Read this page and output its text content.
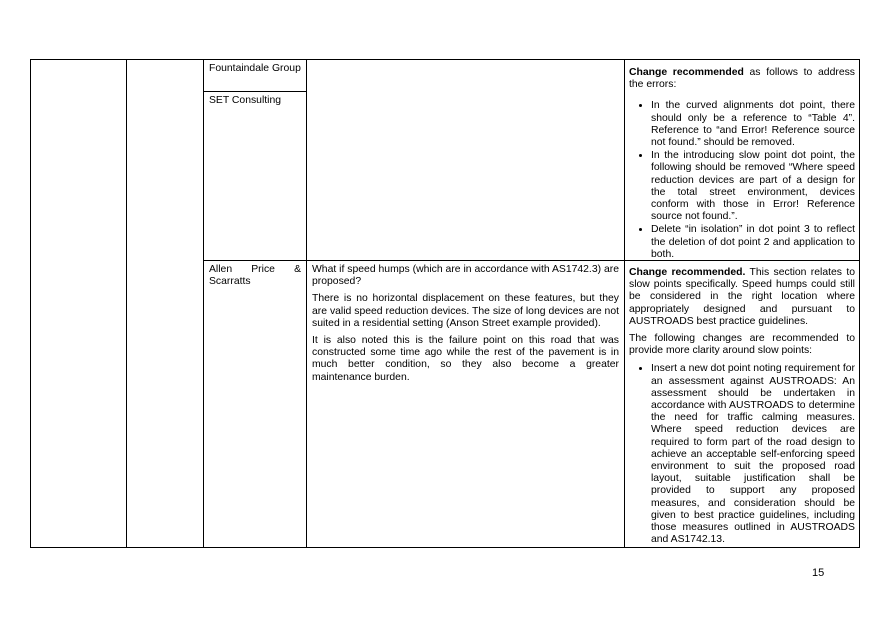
Fountaindale Group
SET Consulting

Change recommended as follows to address the errors:

• In the curved alignments dot point, there should only be a reference to “Table 4”. Reference to “and Error! Reference source not found.” should be removed.
• In the introducing slow point dot point, the following should be removed “Where speed reduction devices are part of a design for the total street environment, devices conform with those in Error! Reference source not found.”.
• Delete “in isolation” in dot point 3 to reflect the deletion of dot point 2 and application to both.
Allen Price & Scarratts

What if speed humps (which are in accordance with AS1742.3) are proposed?

There is no horizontal displacement on these features, but they are valid speed reduction devices. The size of long devices are not suited in a residential setting (Anson Street example provided).

It is also noted this is the failure point on this road that was constructed some time ago while the rest of the pavement is in much better condition, so they also become a greater maintenance burden.

Change recommended. This section relates to slow points specifically. Speed humps could still be considered in the right location where appropriately designed and pursuant to AUSTROADS best practice guidelines.

The following changes are recommended to provide more clarity around slow points:

• Insert a new dot point noting requirement for an assessment against AUSTROADS: An assessment should be undertaken in accordance with AUSTROADS to determine the need for traffic calming measures. Where speed reduction devices are required to form part of the road design to achieve an acceptable self-enforcing speed environment to suit the proposed road layout, suitable justification shall be provided to support any proposed measures, and consideration should be given to best practice guidelines, including those measures outlined in AUSTROADS and AS1742.13.
15
